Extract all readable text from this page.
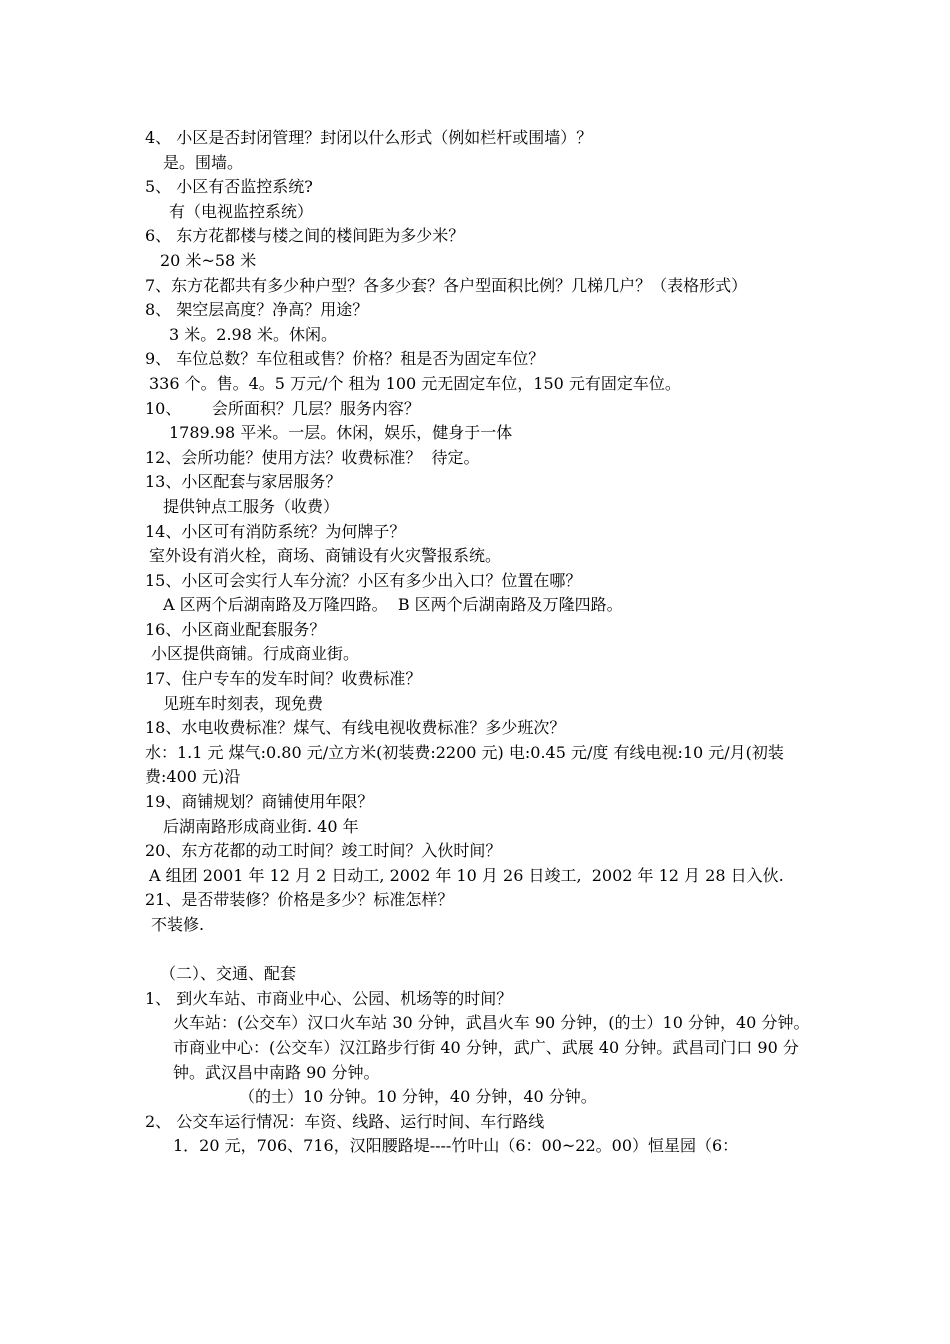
4、 小区是否封闭管理？封闭以什么形式（例如栏杆或围墙）？
是。围墙。
5、 小区有否监控系统?
有（电视监控系统）
6、 东方花都楼与楼之间的楼间距为多少米？
20 米~58 米
7、东方花都共有多少种户型？各多少套？各户型面积比例？几梯几户？（表格形式）
8、 架空层高度？净高？用途？
3 米。2.98 米。休闲。
9、 车位总数？车位租或售？价格？租是否为固定车位？
336 个。售。4。5 万元/个 租为 100 元无固定车位，150 元有固定车位。
10、      会所面积？几层？服务内容？
1789.98 平米。一层。休闲，娱乐，健身于一体
12、会所功能？使用方法？收费标准？  待定。
13、小区配套与家居服务？
提供钟点工服务（收费）
14、小区可有消防系统？为何牌子？
室外设有消火栓，商场、商铺设有火灾警报系统。
15、小区可会实行人车分流？小区有多少出入口？位置在哪？
A 区两个后湖南路及万隆四路。  B 区两个后湖南路及万隆四路。
16、小区商业配套服务？
小区提供商铺。行成商业街。
17、住户专车的发车时间？收费标准？
见班车时刻表，现免费
18、水电收费标准？煤气、有线电视收费标准？多少班次？
水：1.1 元 煤气:0.80 元/立方米(初装费:2200 元) 电:0.45 元/度 有线电视:10 元/月(初装费:400 元)沿
19、商铺规划？商铺使用年限？
后湖南路形成商业街. 40 年
20、东方花都的动工时间？竣工时间？入伙时间？
A 组团 2001 年 12 月 2 日动工, 2002 年 10 月 26 日竣工,  2002 年 12 月 28 日入伙.
21、是否带装修？价格是多少？标准怎样？
不装修.
（二）、交通、配套
1、 到火车站、市商业中心、公园、机场等的时间？
火车站：(公交车）汉口火车站 30 分钟，武昌火车 90 分钟，(的士）10 分钟，40 分钟。
市商业中心：(公交车）汉江路步行街 40 分钟，武广、武展 40 分钟。武昌司门口 90 分钟。武汉昌中南路 90 分钟。
（的士）10 分钟。10 分钟，40 分钟，40 分钟。
2、 公交车运行情况：车资、线路、运行时间、车行路线
1．20 元，706、716，汉阳腰路堤----竹叶山（6：00~22。00）恒星园（6：
